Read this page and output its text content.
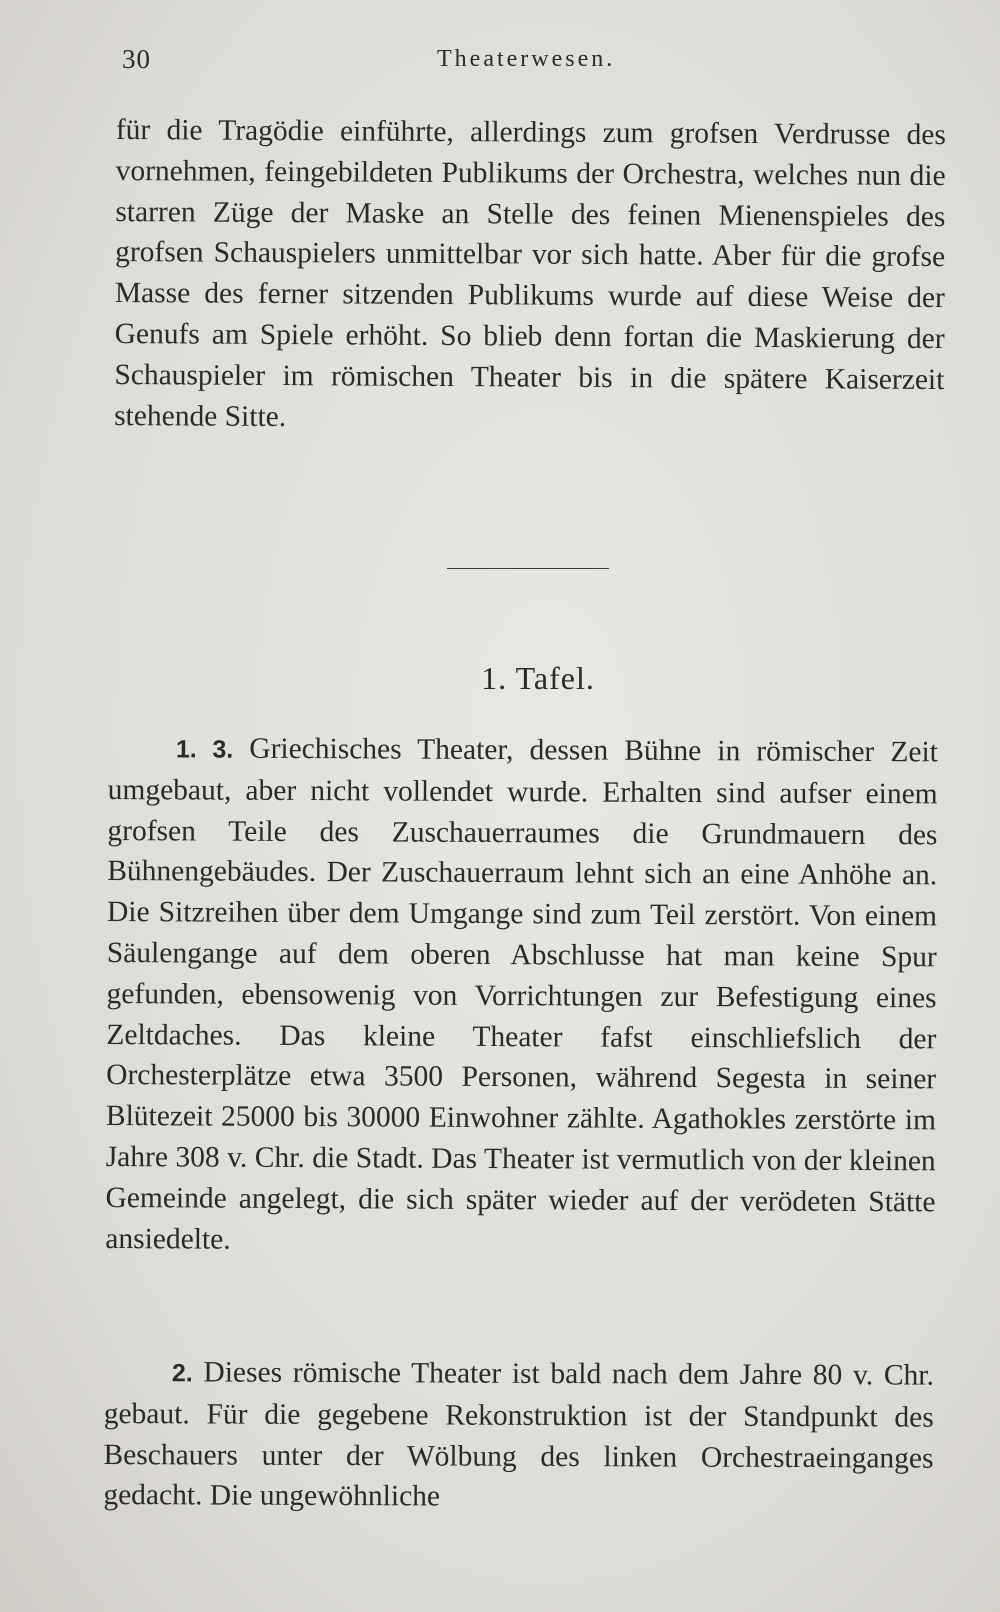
30	Theaterwesen.

für die Tragödie einführte, allerdings zum grofsen Verdrusse des vornehmen, feingebildeten Publikums der Orchestra, welches nun die starren Züge der Maske an Stelle des feinen Mienenspieles des grofsen Schauspielers unmittelbar vor sich hatte. Aber für die grofse Masse des ferner sitzenden Publikums wurde auf diese Weise der Genufs am Spiele erhöht. So blieb denn fortan die Maskierung der Schauspieler im römischen Theater bis in die spätere Kaiserzeit stehende Sitte.

1. Tafel.

1. 3. Griechisches Theater, dessen Bühne in römischer Zeit umgebaut, aber nicht vollendet wurde. Erhalten sind aufser einem grofsen Teile des Zuschauerraumes die Grundmauern des Bühnengebäudes. Der Zuschauerraum lehnt sich an eine Anhöhe an. Die Sitzreihen über dem Umgange sind zum Teil zerstört. Von einem Säulengange auf dem oberen Abschlusse hat man keine Spur gefunden, ebensowenig von Vorrichtungen zur Befestigung eines Zeltdaches. Das kleine Theater fafst einschliefslich der Orchesterplätze etwa 3500 Personen, während Segesta in seiner Blütezeit 25000 bis 30000 Einwohner zählte. Agathokles zerstörte im Jahre 308 v. Chr. die Stadt. Das Theater ist vermutlich von der kleinen Gemeinde angelegt, die sich später wieder auf der verödeten Stätte ansiedelte.

2. Dieses römische Theater ist bald nach dem Jahre 80 v. Chr. gebaut. Für die gegebene Rekonstruktion ist der Standpunkt des Beschauers unter der Wölbung des linken Orchestraeinganges gedacht. Die ungewöhnliche
